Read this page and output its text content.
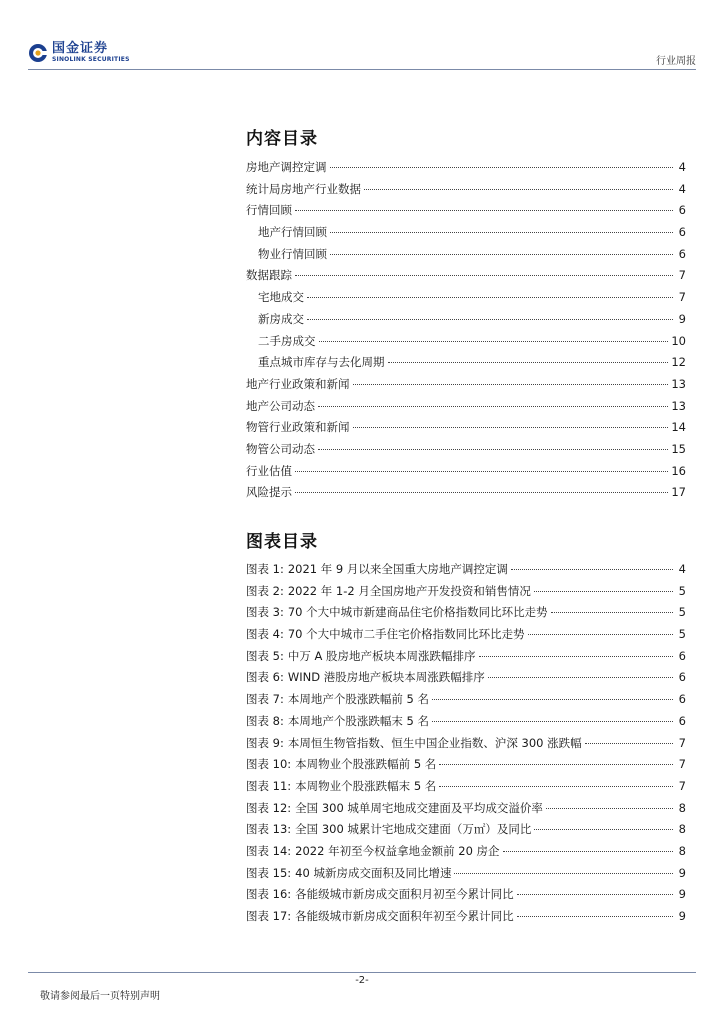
国金证券
SINOLINK SECURITIES	行业周报
内容目录
房地产调控定调	4
统计局房地产行业数据	4
行情回顾	6
地产行情回顾	6
物业行情回顾	6
数据跟踪	7
宅地成交	7
新房成交	9
二手房成交	10
重点城市库存与去化周期	12
地产行业政策和新闻	13
地产公司动态	13
物管行业政策和新闻	14
物管公司动态	15
行业估值	16
风险提示	17
图表目录
图表 1: 2021 年 9 月以来全国重大房地产调控定调	4
图表 2: 2022 年 1-2 月全国房地产开发投资和销售情况	5
图表 3: 70 个大中城市新建商品住宅价格指数同比环比走势	5
图表 4: 70 个大中城市二手住宅价格指数同比环比走势	5
图表 5: 中万 A 股房地产板块本周涨跌幅排序	6
图表 6: WIND 港股房地产板块本周涨跌幅排序	6
图表 7: 本周地产个股涨跌幅前 5 名	6
图表 8: 本周地产个股涨跌幅末 5 名	6
图表 9: 本周恒生物管指数、恒生中国企业指数、沪深 300 涨跌幅	7
图表 10: 本周物业个股涨跌幅前 5 名	7
图表 11: 本周物业个股涨跌幅末 5 名	7
图表 12: 全国 300 城单周宅地成交建面及平均成交溢价率	8
图表 13: 全国 300 城累计宅地成交建面（万㎡）及同比	8
图表 14: 2022 年初至今权益拿地金额前 20 房企	8
图表 15: 40 城新房成交面积及同比增速	9
图表 16: 各能级城市新房成交面积月初至今累计同比	9
图表 17: 各能级城市新房成交面积年初至今累计同比	9
-2-
敬请参阅最后一页特别声明
